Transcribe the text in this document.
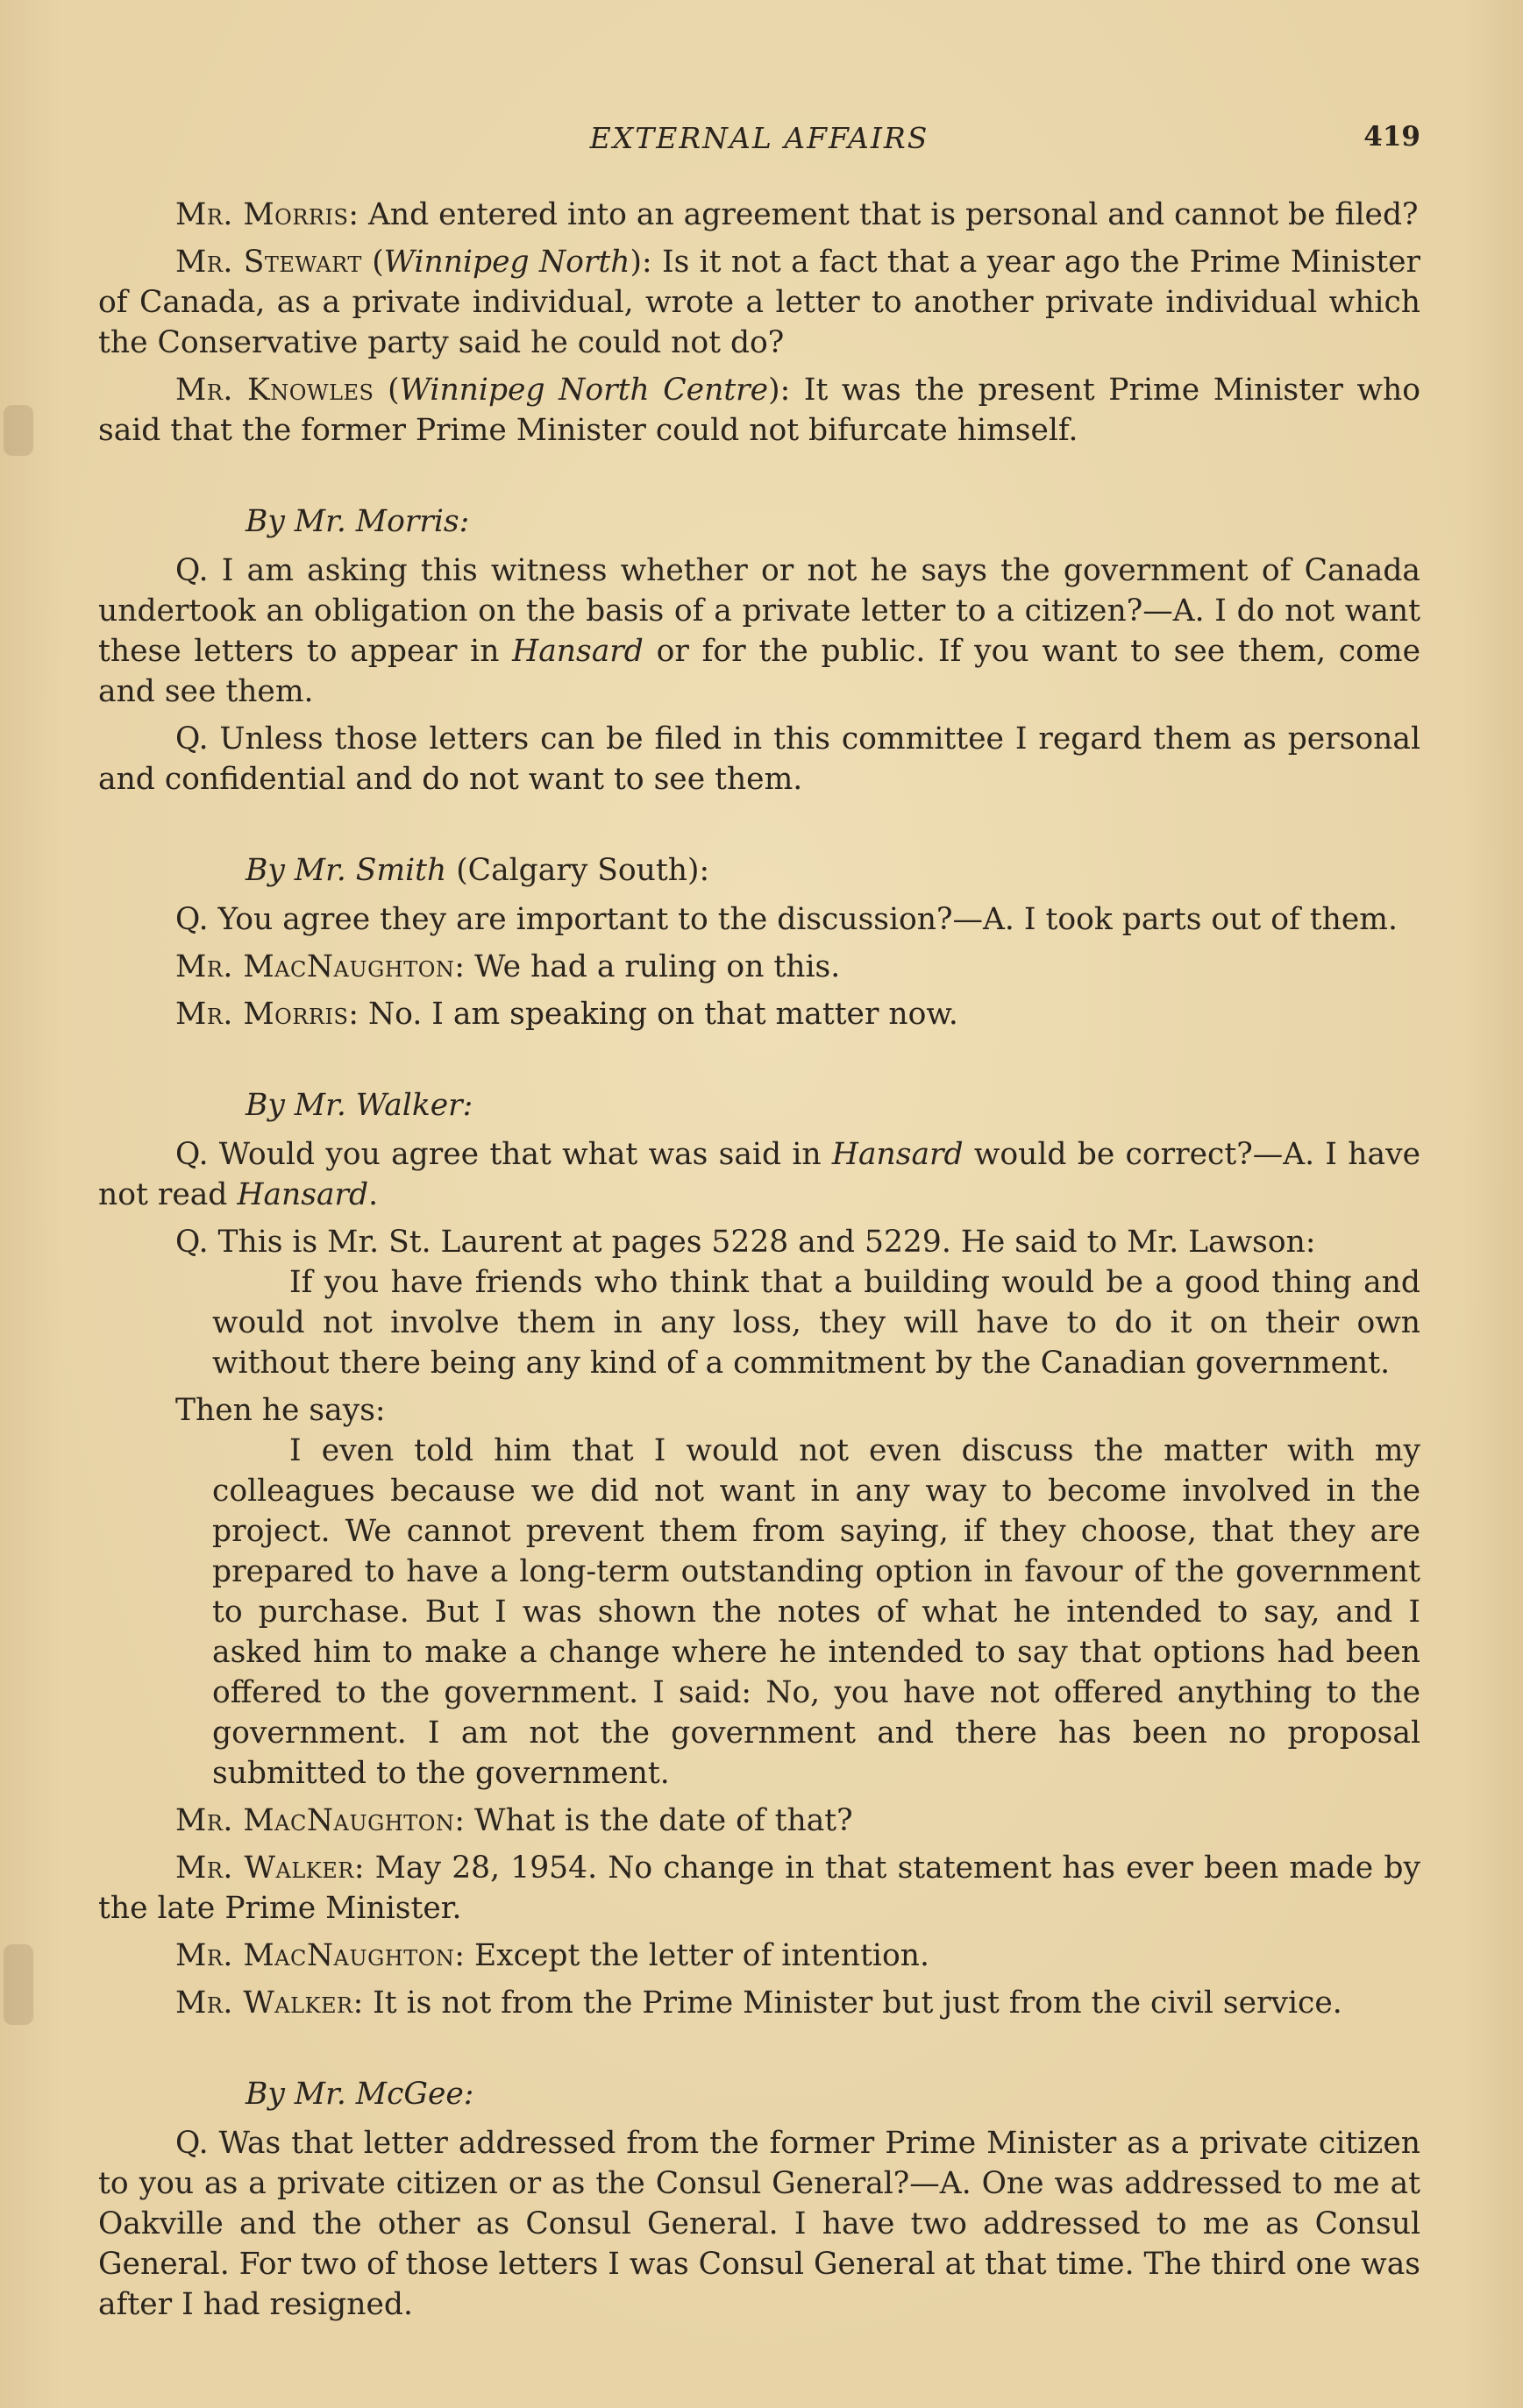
EXTERNAL AFFAIRS	419

Mr. Morris: And entered into an agreement that is personal and cannot be filed?

Mr. Stewart (Winnipeg North): Is it not a fact that a year ago the Prime Minister of Canada, as a private individual, wrote a letter to another private individual which the Conservative party said he could not do?

Mr. Knowles (Winnipeg North Centre): It was the present Prime Minister who said that the former Prime Minister could not bifurcate himself.

By Mr. Morris:

Q. I am asking this witness whether or not he says the government of Canada undertook an obligation on the basis of a private letter to a citizen?—A. I do not want these letters to appear in Hansard or for the public. If you want to see them, come and see them.

Q. Unless those letters can be filed in this committee I regard them as personal and confidential and do not want to see them.

By Mr. Smith (Calgary South):

Q. You agree they are important to the discussion?—A. I took parts out of them.

Mr. MacNaughton: We had a ruling on this.

Mr. Morris: No. I am speaking on that matter now.

By Mr. Walker:

Q. Would you agree that what was said in Hansard would be correct?—A. I have not read Hansard.

Q. This is Mr. St. Laurent at pages 5228 and 5229. He said to Mr. Lawson:

If you have friends who think that a building would be a good thing and would not involve them in any loss, they will have to do it on their own without there being any kind of a commitment by the Canadian government.

Then he says:

I even told him that I would not even discuss the matter with my colleagues because we did not want in any way to become involved in the project. We cannot prevent them from saying, if they choose, that they are prepared to have a long-term outstanding option in favour of the government to purchase. But I was shown the notes of what he intended to say, and I asked him to make a change where he intended to say that options had been offered to the government. I said: No, you have not offered anything to the government. I am not the government and there has been no proposal submitted to the government.

Mr. MacNaughton: What is the date of that?

Mr. Walker: May 28, 1954. No change in that statement has ever been made by the late Prime Minister.

Mr. MacNaughton: Except the letter of intention.

Mr. Walker: It is not from the Prime Minister but just from the civil service.

By Mr. McGee:

Q. Was that letter addressed from the former Prime Minister as a private citizen to you as a private citizen or as the Consul General?—A. One was addressed to me at Oakville and the other as Consul General. I have two addressed to me as Consul General. For two of those letters I was Consul General at that time. The third one was after I had resigned.
